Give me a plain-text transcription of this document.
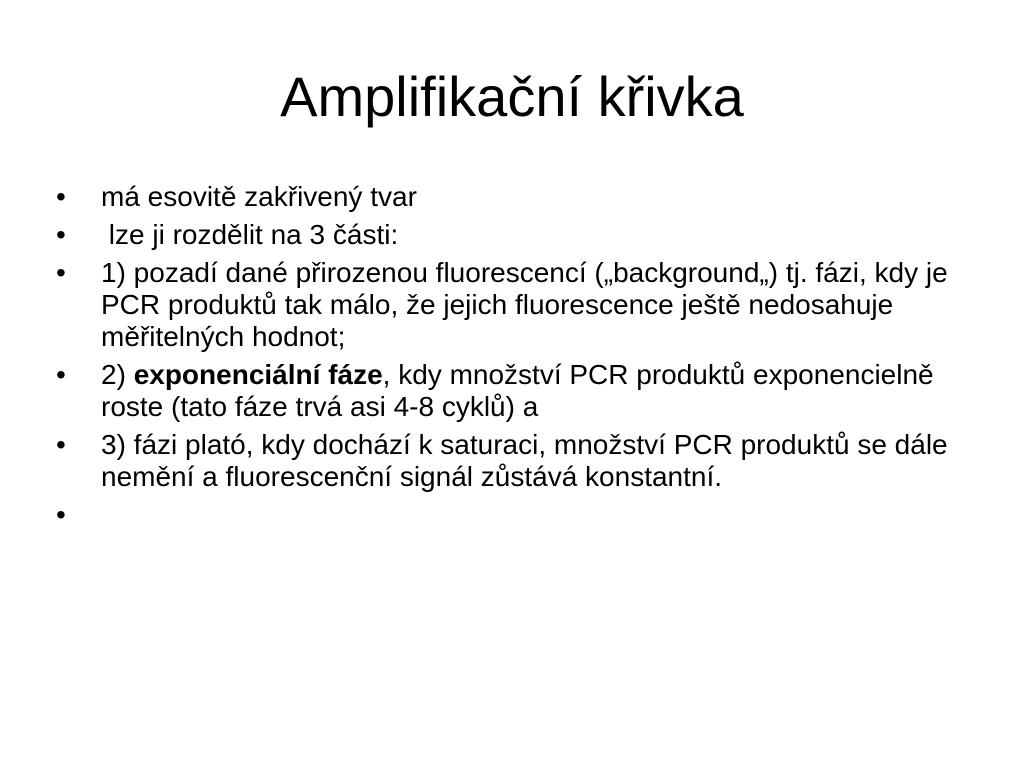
Amplifikační křivka
•	má esovitě zakřivený tvar
•	lze ji rozdělit na 3 části:
•	1) pozadí dané přirozenou fluorescencí („background„) tj. fázi, kdy je PCR produktů tak málo, že jejich fluorescence ještě nedosahuje měřitelných hodnot;
•	2) exponenciální fáze, kdy množství PCR produktů exponencielně roste (tato fáze trvá asi 4-8 cyklů) a
•	3) fázi plató, kdy dochází k saturaci, množství PCR produktů se dále nemění a fluorescenční signál zůstává konstantní.
•
